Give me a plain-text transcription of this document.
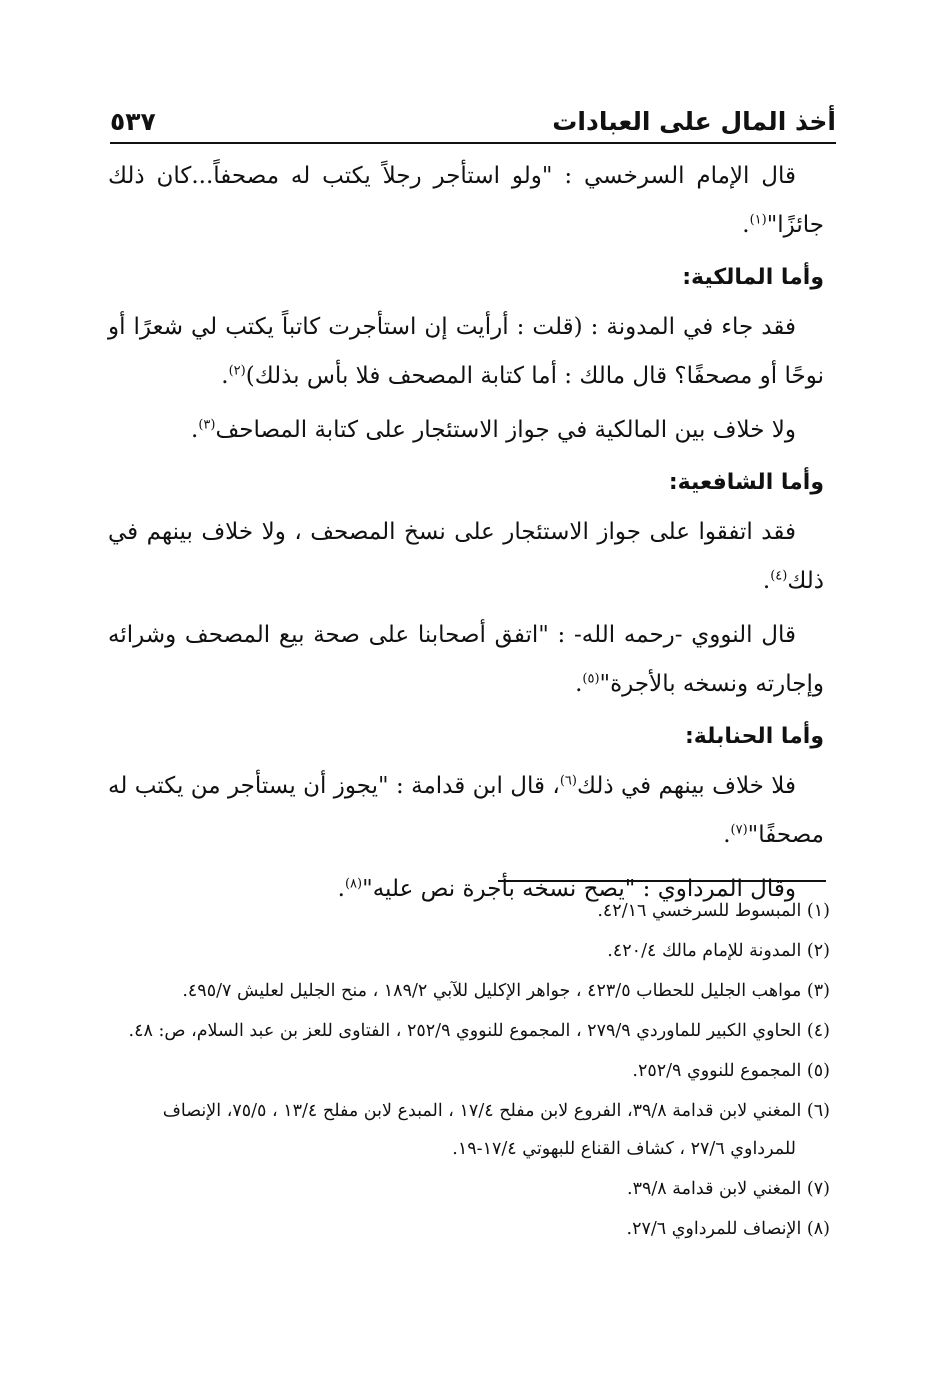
أخذ المال على العبادات
٥٣٧

قال الإمام السرخسي : "ولو استأجر رجلاً يكتب له مصحفاً...كان ذلك جائزًا"$^{(١)}$.

وأما المالكية:

فقد جاء في المدونة : (قلت : أرأيت إن استأجرت كاتباً يكتب لي شعرًا أو نوحًا أو مصحفًا؟ قال مالك : أما كتابة المصحف فلا بأس بذلك)$^{(٢)}$.

ولا خلاف بين المالكية في جواز الاستئجار على كتابة المصاحف$^{(٣)}$.

وأما الشافعية:

فقد اتفقوا على جواز الاستئجار على نسخ المصحف ، ولا خلاف بينهم في ذلك$^{(٤)}$.

قال النووي -رحمه الله- : "اتفق أصحابنا على صحة بيع المصحف وشرائه وإجارته ونسخه بالأجرة"$^{(٥)}$.

وأما الحنابلة:

فلا خلاف بينهم في ذلك$^{(٦)}$، قال ابن قدامة : "يجوز أن يستأجر من يكتب له مصحفًا"$^{(٧)}$.

وقال المرداوي : "يصح نسخه بأجرة نص عليه"$^{(٨)}$.

(١) المبسوط للسرخسي ٤٢/١٦.

(٢) المدونة للإمام مالك ٤٢٠/٤.

(٣) مواهب الجليل للحطاب ٤٢٣/٥ ، جواهر الإكليل للآبي ١٨٩/٢ ، منح الجليل لعليش ٤٩٥/٧.

(٤) الحاوي الكبير للماوردي ٢٧٩/٩ ، المجموع للنووي ٢٥٢/٩ ، الفتاوى للعز بن عبد السلام، ص: ٤٨.

(٥) المجموع للنووي ٢٥٢/٩.

(٦) المغني لابن قدامة ٣٩/٨، الفروع لابن مفلح ١٧/٤ ، المبدع لابن مفلح ١٣/٤ ، ٧٥/٥، الإنصاف للمرداوي ٢٧/٦ ، كشاف القناع للبهوتي ١٧/٤-١٩.

(٧) المغني لابن قدامة ٣٩/٨.

(٨) الإنصاف للمرداوي ٢٧/٦.
